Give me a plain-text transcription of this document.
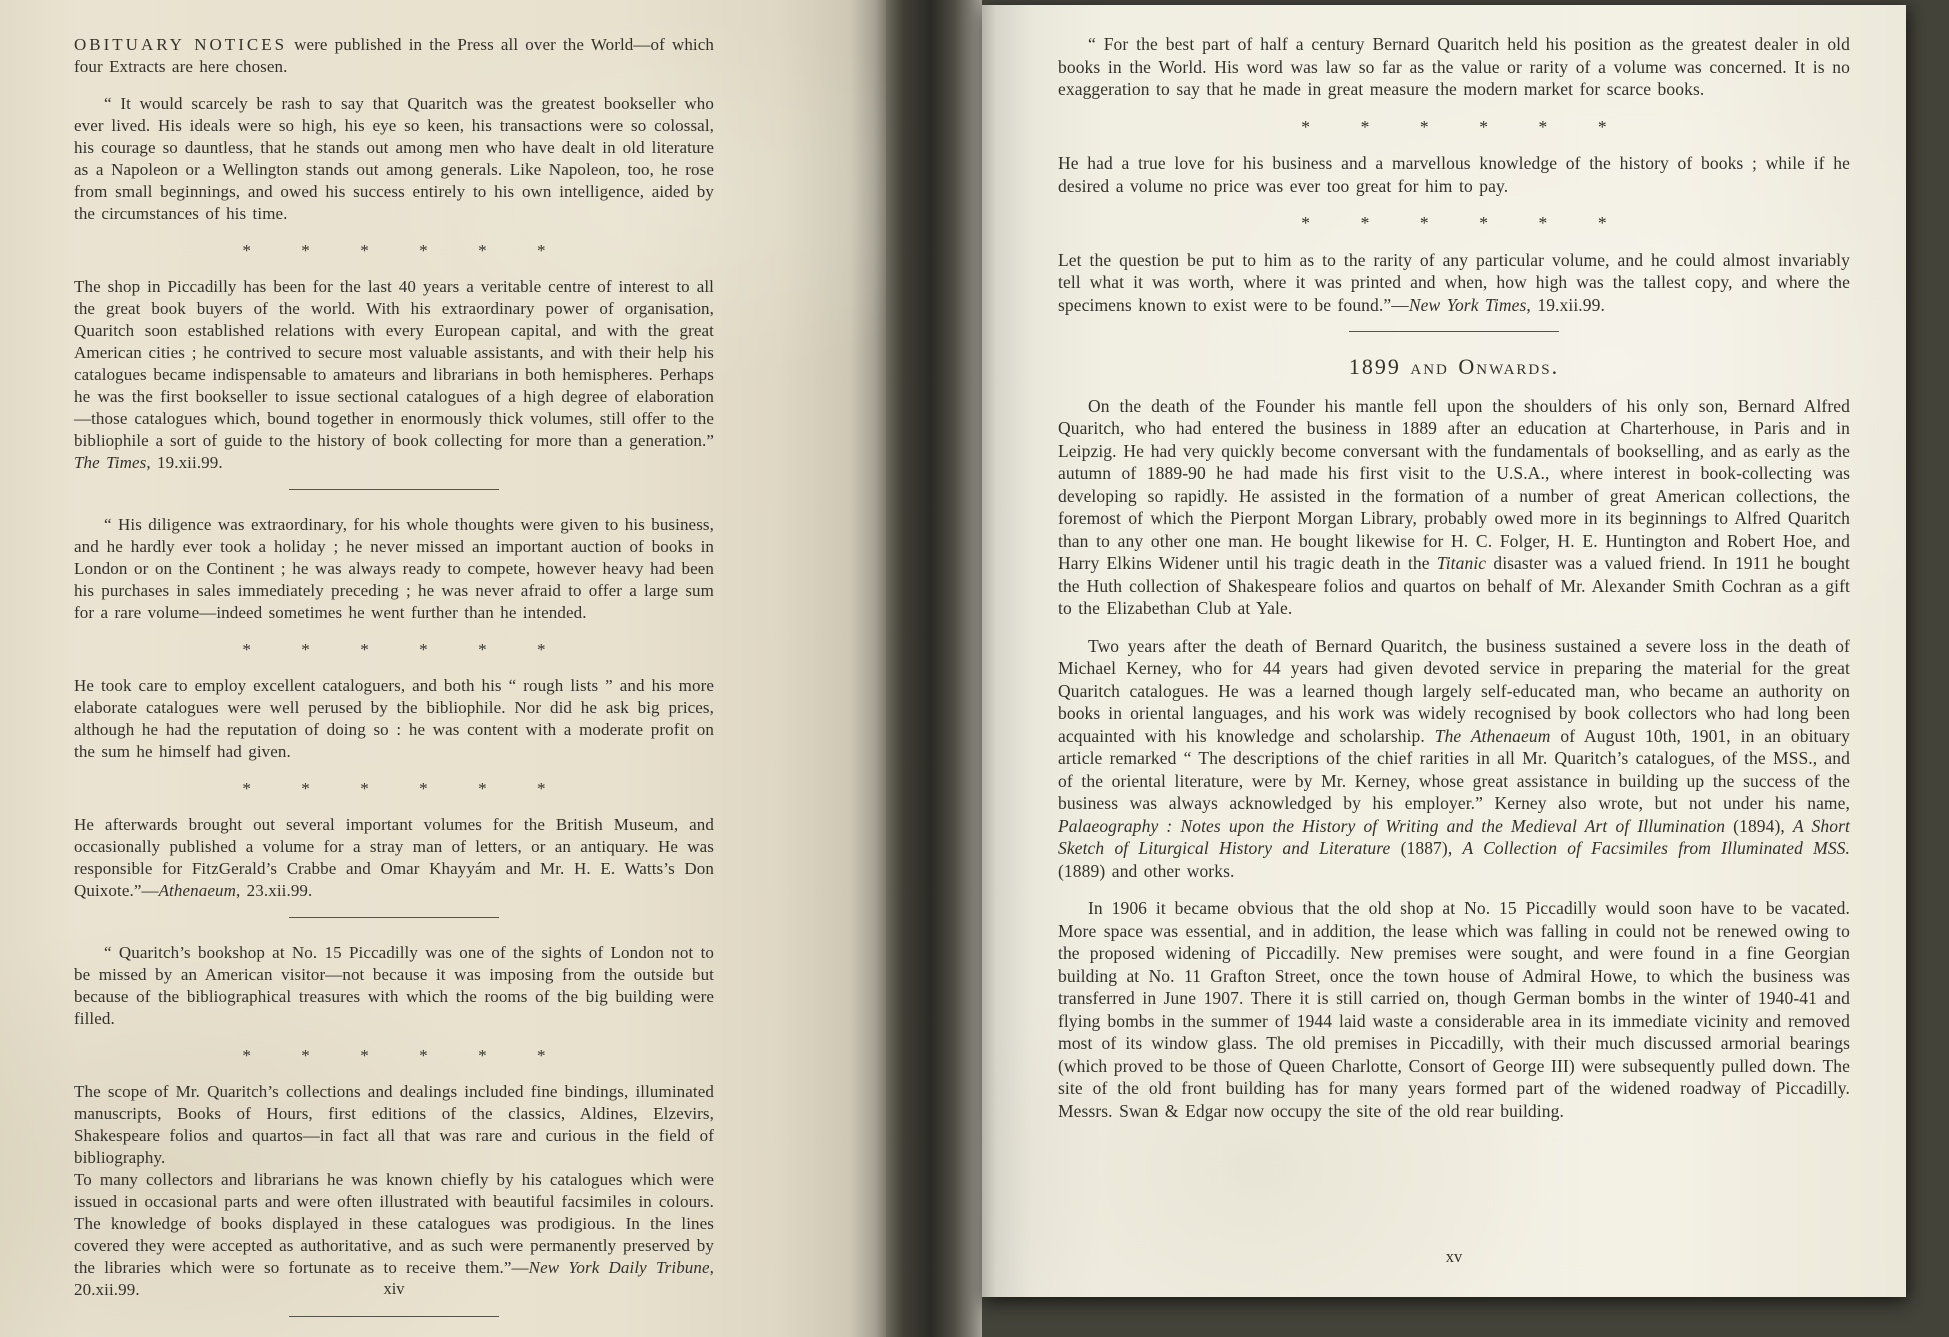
OBITUARY NOTICES were published in the Press all over the World—of which four Extracts are here chosen.

“ It would scarcely be rash to say that Quaritch was the greatest bookseller who ever lived. His ideals were so high, his eye so keen, his transactions were so colossal, his courage so dauntless, that he stands out among men who have dealt in old literature as a Napoleon or a Wellington stands out among generals. Like Napoleon, too, he rose from small beginnings, and owed his success entirely to his own intelligence, aided by the circumstances of his time.

* * * * * *

The shop in Piccadilly has been for the last 40 years a veritable centre of interest to all the great book buyers of the world. With his extraordinary power of organisation, Quaritch soon established relations with every European capital, and with the great American cities ; he contrived to secure most valuable assistants, and with their help his catalogues became indispensable to amateurs and librarians in both hemispheres. Perhaps he was the first bookseller to issue sectional catalogues of a high degree of elaboration—those catalogues which, bound together in enormously thick volumes, still offer to the bibliophile a sort of guide to the history of book collecting for more than a generation.” The Times, 19.xii.99.

“ His diligence was extraordinary, for his whole thoughts were given to his business, and he hardly ever took a holiday ; he never missed an important auction of books in London or on the Continent ; he was always ready to compete, however heavy had been his purchases in sales immediately preceding ; he was never afraid to offer a large sum for a rare volume—indeed sometimes he went further than he intended.

* * * * * *

He took care to employ excellent cataloguers, and both his “ rough lists ” and his more elaborate catalogues were well perused by the bibliophile. Nor did he ask big prices, although he had the reputation of doing so : he was content with a moderate profit on the sum he himself had given.

* * * * * *

He afterwards brought out several important volumes for the British Museum, and occasionally published a volume for a stray man of letters, or an antiquary. He was responsible for FitzGerald’s Crabbe and Omar Khayyám and Mr. H. E. Watts’s Don Quixote.”—Athenaeum, 23.xii.99.

“ Quaritch’s bookshop at No. 15 Piccadilly was one of the sights of London not to be missed by an American visitor—not because it was imposing from the outside but because of the bibliographical treasures with which the rooms of the big building were filled.

* * * * * *

The scope of Mr. Quaritch’s collections and dealings included fine bindings, illuminated manuscripts, Books of Hours, first editions of the classics, Aldines, Elzevirs, Shakespeare folios and quartos—in fact all that was rare and curious in the field of bibliography.

To many collectors and librarians he was known chiefly by his catalogues which were issued in occasional parts and were often illustrated with beautiful facsimiles in colours. The knowledge of books displayed in these catalogues was prodigious. In the lines covered they were accepted as authoritative, and as such were permanently preserved by the libraries which were so fortunate as to receive them.”—New York Daily Tribune, 20.xii.99.	xiv

“ For the best part of half a century Bernard Quaritch held his position as the greatest dealer in old books in the World. His word was law so far as the value or rarity of a volume was concerned. It is no exaggeration to say that he made in great measure the modern market for scarce books.

* * * * * *

He had a true love for his business and a marvellous knowledge of the history of books ; while if he desired a volume no price was ever too great for him to pay.

* * * * * *

Let the question be put to him as to the rarity of any particular volume, and he could almost invariably tell what it was worth, where it was printed and when, how high was the tallest copy, and where the specimens known to exist were to be found.”—New York Times, 19.xii.99.

1899 and Onwards.

On the death of the Founder his mantle fell upon the shoulders of his only son, Bernard Alfred Quaritch, who had entered the business in 1889 after an education at Charterhouse, in Paris and in Leipzig. He had very quickly become conversant with the fundamentals of bookselling, and as early as the autumn of 1889-90 he had made his first visit to the U.S.A., where interest in book-collecting was developing so rapidly. He assisted in the formation of a number of great American collections, the foremost of which the Pierpont Morgan Library, probably owed more in its beginnings to Alfred Quaritch than to any other one man. He bought likewise for H. C. Folger, H. E. Huntington and Robert Hoe, and Harry Elkins Widener until his tragic death in the Titanic disaster was a valued friend. In 1911 he bought the Huth collection of Shakespeare folios and quartos on behalf of Mr. Alexander Smith Cochran as a gift to the Elizabethan Club at Yale.

Two years after the death of Bernard Quaritch, the business sustained a severe loss in the death of Michael Kerney, who for 44 years had given devoted service in preparing the material for the great Quaritch catalogues. He was a learned though largely self-educated man, who became an authority on books in oriental languages, and his work was widely recognised by book collectors who had long been acquainted with his knowledge and scholarship. The Athenaeum of August 10th, 1901, in an obituary article remarked “ The descriptions of the chief rarities in all Mr. Quaritch’s catalogues, of the MSS., and of the oriental literature, were by Mr. Kerney, whose great assistance in building up the success of the business was always acknowledged by his employer.” Kerney also wrote, but not under his name, Palaeography : Notes upon the History of Writing and the Medieval Art of Illumination (1894), A Short Sketch of Liturgical History and Literature (1887), A Collection of Facsimiles from Illuminated MSS. (1889) and other works.

In 1906 it became obvious that the old shop at No. 15 Piccadilly would soon have to be vacated. More space was essential, and in addition, the lease which was falling in could not be renewed owing to the proposed widening of Piccadilly. New premises were sought, and were found in a fine Georgian building at No. 11 Grafton Street, once the town house of Admiral Howe, to which the business was transferred in June 1907. There it is still carried on, though German bombs in the winter of 1940-41 and flying bombs in the summer of 1944 laid waste a considerable area in its immediate vicinity and removed most of its window glass. The old premises in Piccadilly, with their much discussed armorial bearings (which proved to be those of Queen Charlotte, Consort of George III) were subsequently pulled down. The site of the old front building has for many years formed part of the widened roadway of Piccadilly. Messrs. Swan & Edgar now occupy the site of the old rear building.

xv
